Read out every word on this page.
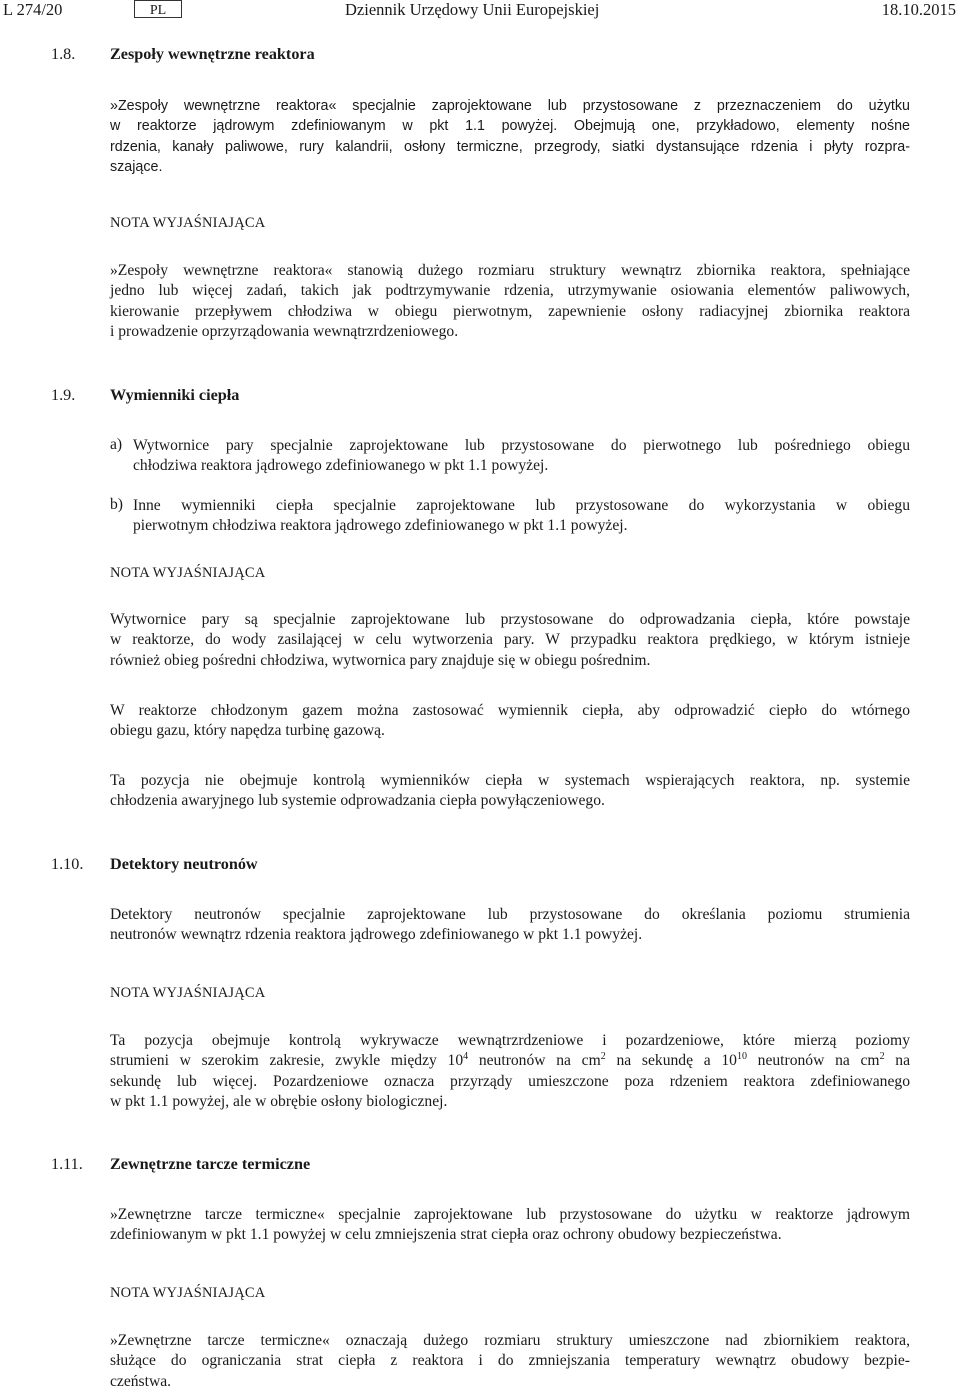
L 274/20	PL	Dziennik Urzędowy Unii Europejskiej	18.10.2015
1.8. Zespoły wewnętrzne reaktora
»Zespoły wewnętrzne reaktora« specjalnie zaprojektowane lub przystosowane z przeznaczeniem do użytku
w reaktorze jądrowym zdefiniowanym w pkt 1.1 powyżej. Obejmują one, przykładowo, elementy nośne
rdzenia, kanały paliwowe, rury kalandrii, osłony termiczne, przegrody, siatki dystansujące rdzenia i płyty rozpra-
szające.
NOTA WYJAŚNIAJĄCA
»Zespoły wewnętrzne reaktora« stanowią dużego rozmiaru struktury wewnątrz zbiornika reaktora, spełniające
jedno lub więcej zadań, takich jak podtrzymywanie rdzenia, utrzymywanie osiowania elementów paliwowych,
kierowanie przepływem chłodziwa w obiegu pierwotnym, zapewnienie osłony radiacyjnej zbiornika reaktora
i prowadzenie oprzyrządowania wewnątrzrdzeniowego.
1.9. Wymienniki ciepła
a) Wytwornice pary specjalnie zaprojektowane lub przystosowane do pierwotnego lub pośredniego obiegu
chłodziwa reaktora jądrowego zdefiniowanego w pkt 1.1 powyżej.
b) Inne wymienniki ciepła specjalnie zaprojektowane lub przystosowane do wykorzystania w obiegu
pierwotnym chłodziwa reaktora jądrowego zdefiniowanego w pkt 1.1 powyżej.
NOTA WYJAŚNIAJĄCA
Wytwornice pary są specjalnie zaprojektowane lub przystosowane do odprowadzania ciepła, które powstaje
w reaktorze, do wody zasilającej w celu wytworzenia pary. W przypadku reaktora prędkiego, w którym istnieje
również obieg pośredni chłodziwa, wytwornica pary znajduje się w obiegu pośrednim.
W reaktorze chłodzonym gazem można zastosować wymiennik ciepła, aby odprowadzić ciepło do wtórnego
obiegu gazu, który napędza turbinę gazową.
Ta pozycja nie obejmuje kontrolą wymienników ciepła w systemach wspierających reaktora, np. systemie
chłodzenia awaryjnego lub systemie odprowadzania ciepła powyłączeniowego.
1.10. Detektory neutronów
Detektory neutronów specjalnie zaprojektowane lub przystosowane do określania poziomu strumienia
neutronów wewnątrz rdzenia reaktora jądrowego zdefiniowanego w pkt 1.1 powyżej.
NOTA WYJAŚNIAJĄCA
Ta pozycja obejmuje kontrolą wykrywacze wewnątrzrdzeniowe i pozardzeniowe, które mierzą poziomy
strumieni w szerokim zakresie, zwykle między $10^4$ neutronów na $cm^2$ na sekundę a $10^{10}$ neutronów na $cm^2$ na
sekundę lub więcej. Pozardzeniowe oznacza przyrządy umieszczone poza rdzeniem reaktora zdefiniowanego
w pkt 1.1 powyżej, ale w obrębie osłony biologicznej.
1.11. Zewnętrzne tarcze termiczne
»Zewnętrzne tarcze termiczne« specjalnie zaprojektowane lub przystosowane do użytku w reaktorze jądrowym
zdefiniowanym w pkt 1.1 powyżej w celu zmniejszenia strat ciepła oraz ochrony obudowy bezpieczeństwa.
NOTA WYJAŚNIAJĄCA
»Zewnętrzne tarcze termiczne« oznaczają dużego rozmiaru struktury umieszczone nad zbiornikiem reaktora,
służące do ograniczania strat ciepła z reaktora i do zmniejszania temperatury wewnątrz obudowy bezpie-
czeństwa.
